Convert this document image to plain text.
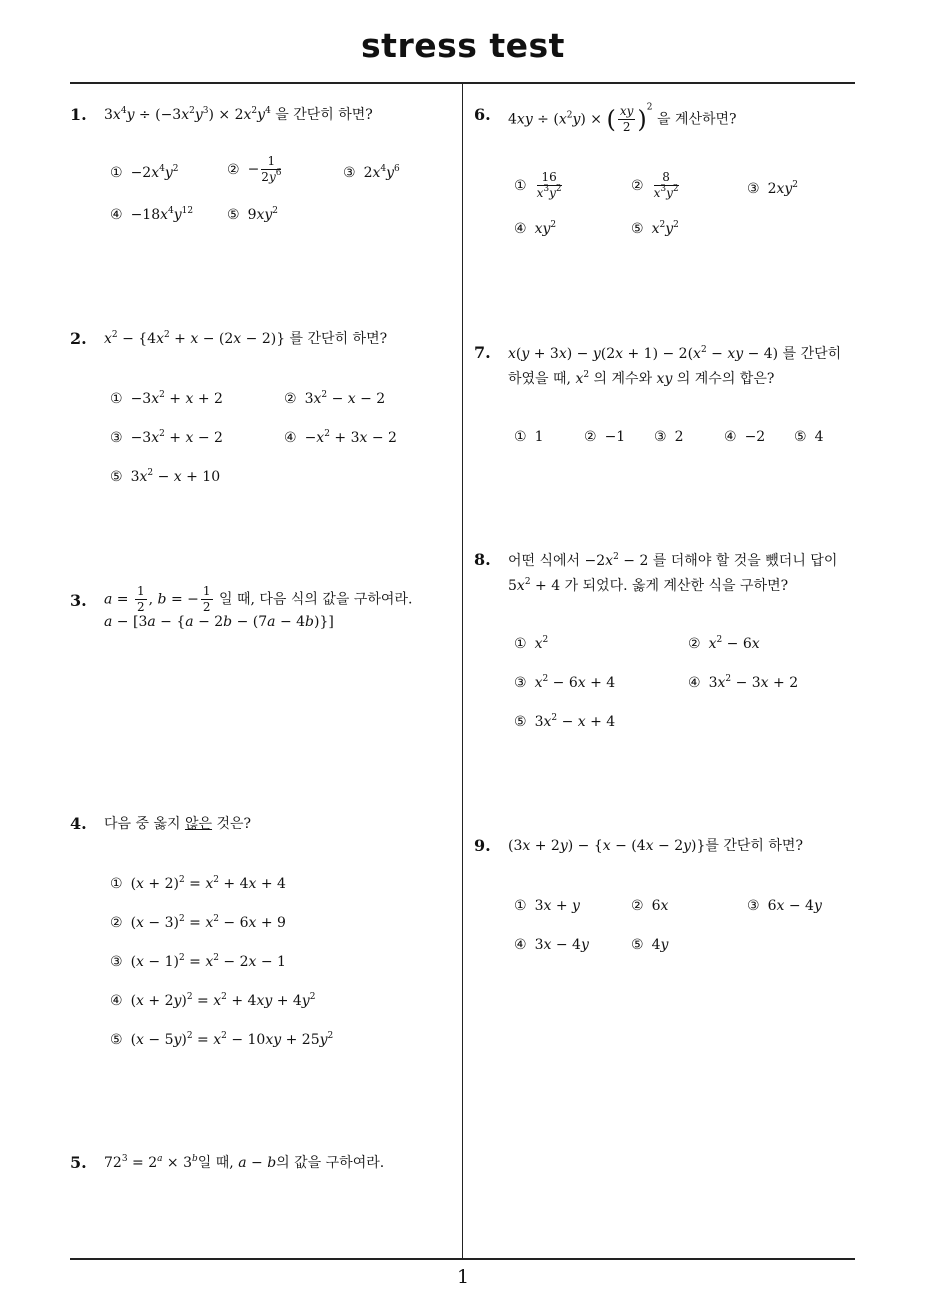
stress test
1
1. $3x^4y \div (-3x^2y^3) \times 2x^2y^4$ 을 간단히 하면?
① $-2x^4y^2$	② − $\frac{1}{2y^6}$	③ $2x^4y^6$
④ $-18x^4y^{12}$ ⑤ $9xy^2$
2. $x^2 - \{4x^2 + x - (2x - 2)\}$ 를 간단히 하면?
① $-3x^2 + x + 2$	② $3x^2 - x - 2$
③ $-3x^2 + x - 2$	④ $-x^2 + 3x - 2$
⑤ $3x^2 - x + 10$
3. $a = \frac{1}{2}$ , b = − $\frac{1}{2}$ 일 때, 다음 식의 값을 구하여라.
a − [3a − {a − 2b − (7a − 4b)}]
4. 다음 중 옳지 않은 것은?
① $(x + 2)^2 = x^2 + 4x + 4$
② $(x - 3)^2 = x^2 - 6x + 9$
③ $(x - 1)^2 = x^2 - 2x - 1$
④ $(x + 2y)^2 = x^2 + 4xy + 4y^2$
⑤ $(x - 5y)^2 = x^2 - 10xy + 25y^2$
5. $72^3 = 2^a \times 3^b$일 때, a − b의 값을 구하여라.
6. $4xy \div (x^2y)$ × ( $\frac{xy}{2} )^2$ 을 계산하면?
① $\frac{16}{x^3y^2}$	② $\frac{8}{x^3y^2}$	③ $2xy^2$
④ $xy^2$	⑤ $x^2y^2$
7. $x(y + 3x) - y(2x + 1) - 2(x^2$ − xy − 4) 를 간단히
하였을 때, $x^2$ 의 계수와 xy 의 계수의 합은?
① 1	② −1 ③ 2	④ −2 ⑤ 4
8. 어떤 식에서 $-2x^2 - 2$ 를 더해야 할 것을 뺐더니 답이
$5x^2 + 4$ 가 되었다. 옳게 계산한 식을 구하면?
① $x^2$	② $x^2 - 6x$
③ $x^2 - 6x + 4$	④ $3x^2 - 3x + 2$
⑤ $3x^2 - x + 4$
9. (3x + 2y) − {x − (4x − 2y)}를 간단히 하면?
① 3x + y	② 6x	③ 6x − 4y
④ 3x − 4y	⑤ 4y
